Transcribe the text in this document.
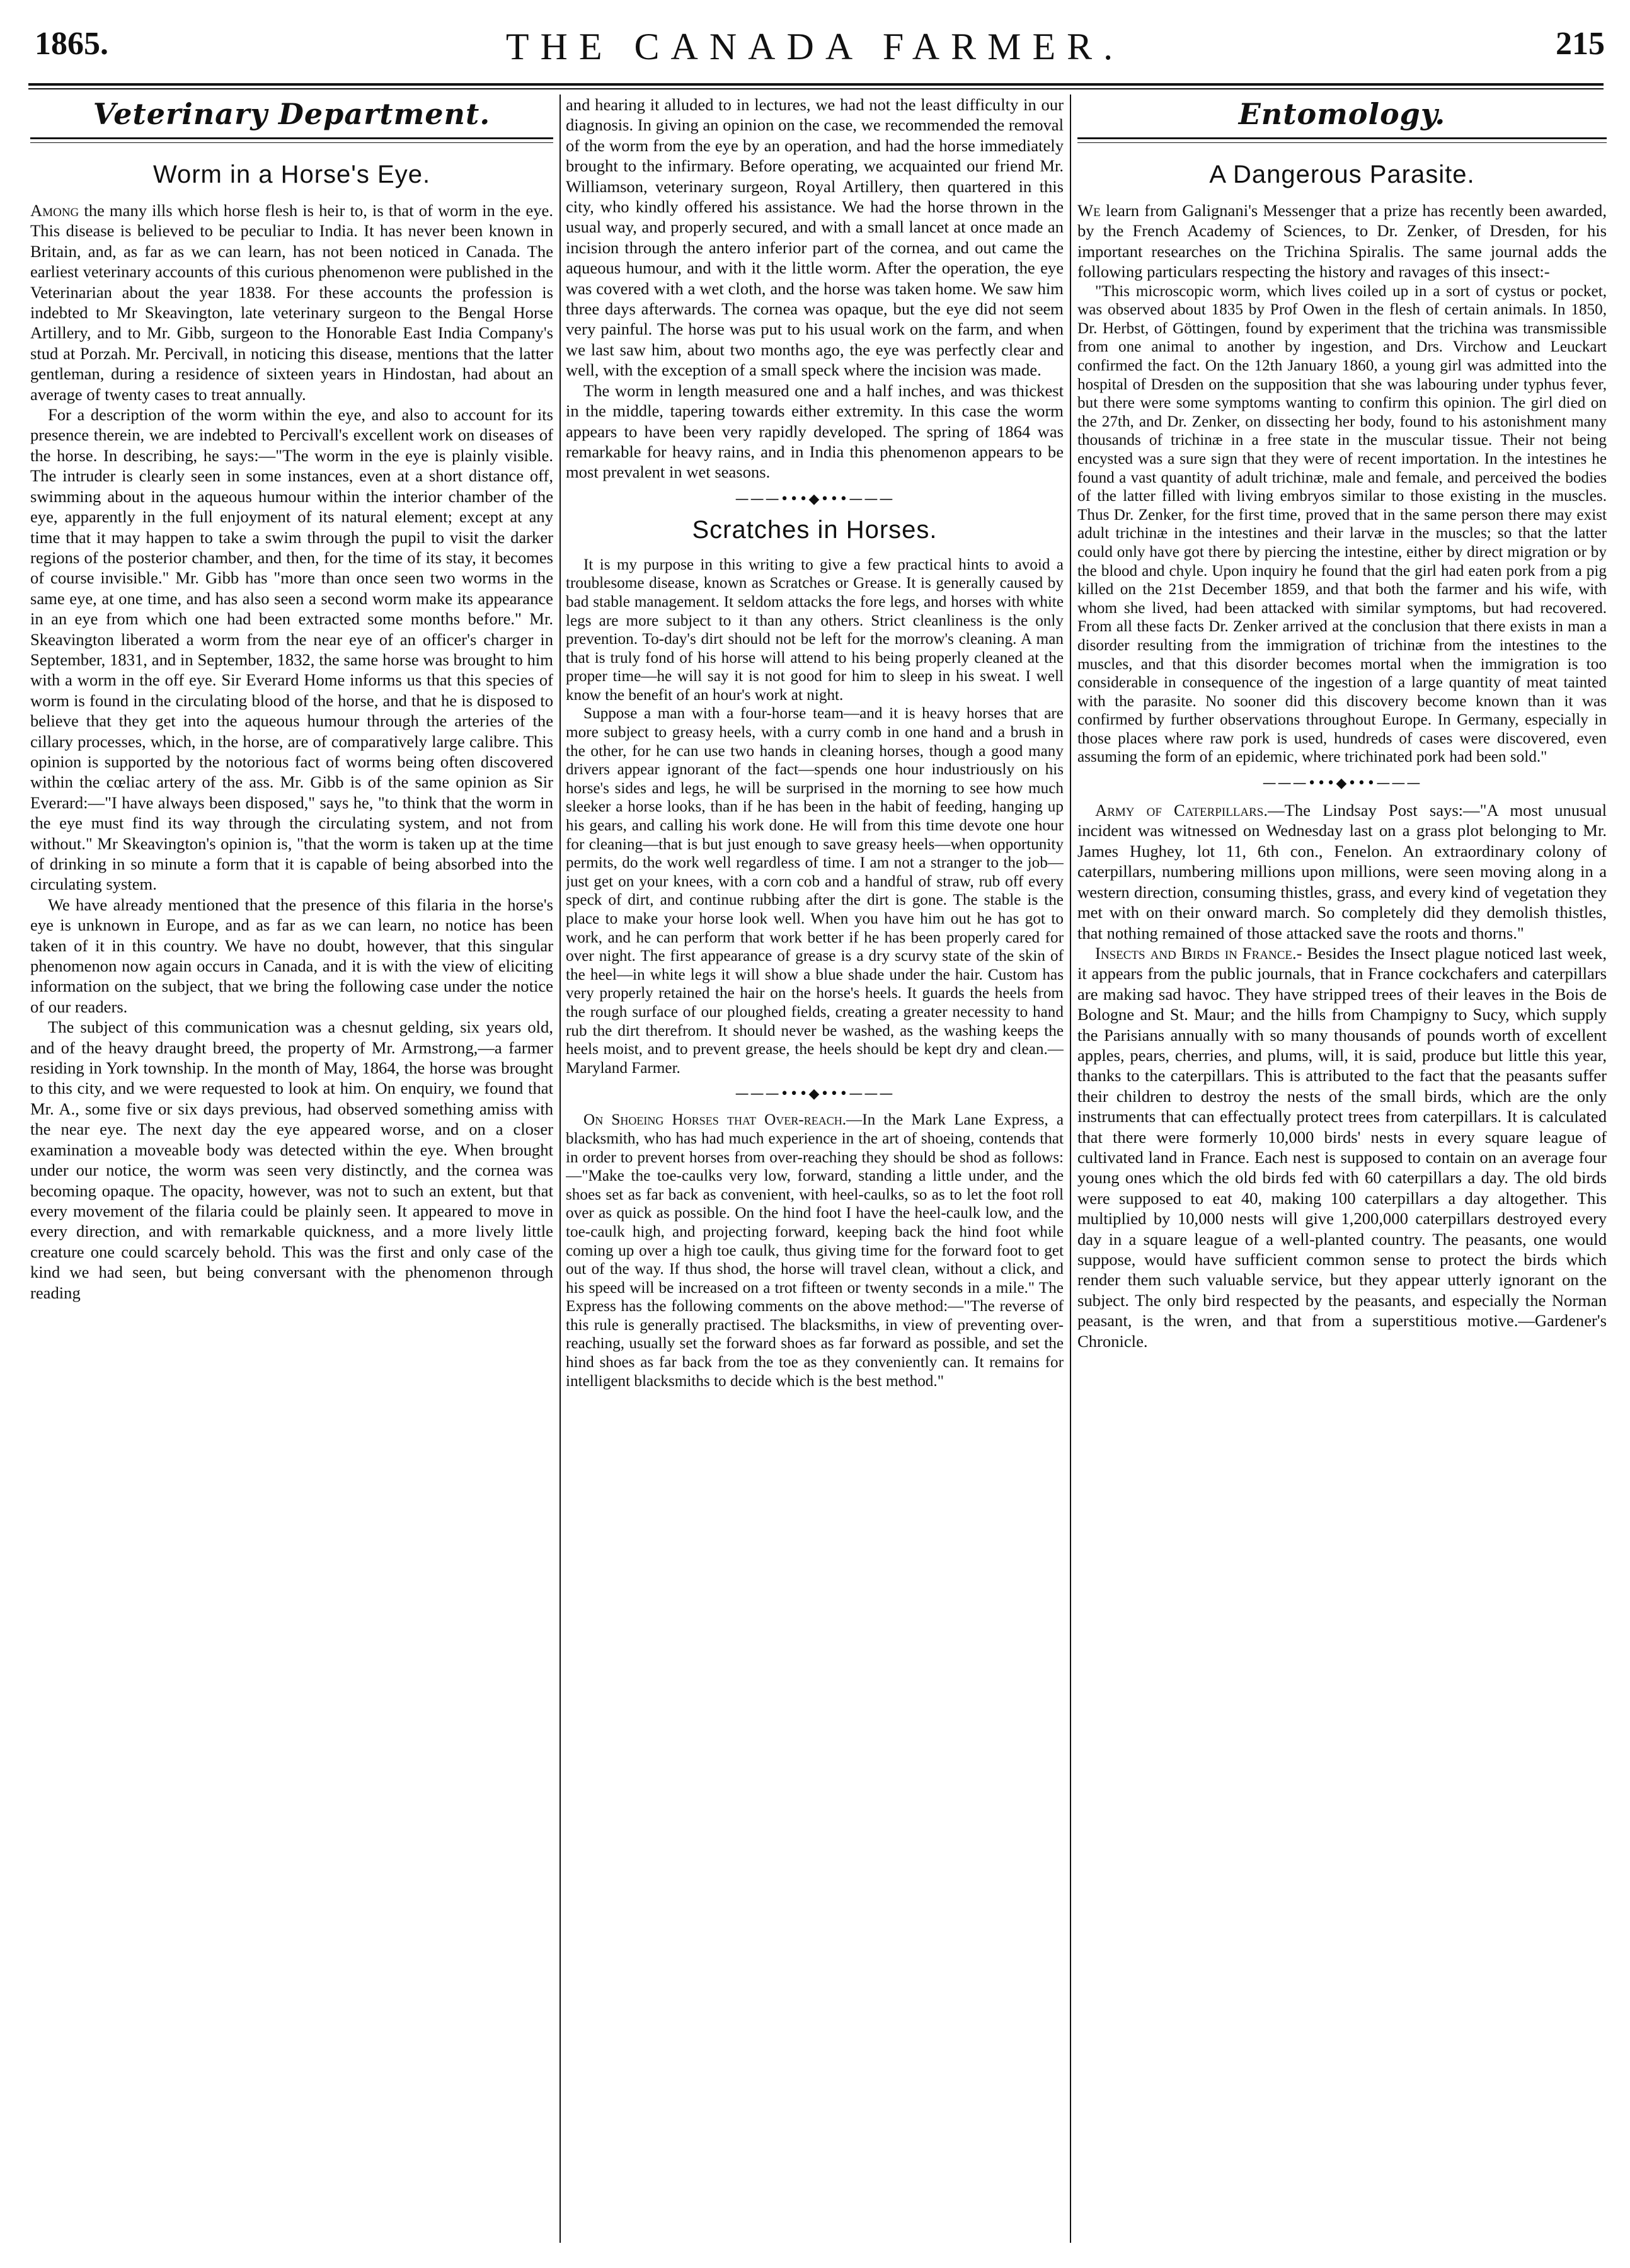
1865.	THE CANADA FARMER.	215
Veterinary Department.
Worm in a Horse's Eye.

Among the many ills which horse flesh is heir to, is that of worm in the eye. This disease is believed to be peculiar to India. It has never been known in Britain, and, as far as we can learn, has not been noticed in Canada. The earliest veterinary accounts of this curious phenomenon were published in the Veterinarian about the year 1838. For these accounts the profession is indebted to Mr Skeavington, late veterinary surgeon to the Bengal Horse Artillery, and to Mr. Gibb, surgeon to the Honorable East India Company's stud at Porzah. Mr. Percivall, in noticing this disease, mentions that the latter gentleman, during a residence of sixteen years in Hindostan, had about an average of twenty cases to treat annually.

For a description of the worm within the eye, and also to account for its presence therein, we are indebted to Percivall's excellent work on diseases of the horse. In describing, he says:—"The worm in the eye is plainly visible. The intruder is clearly seen in some instances, even at a short distance off, swimming about in the aqueous humour within the interior chamber of the eye, apparently in the full enjoyment of its natural element; except at any time that it may happen to take a swim through the pupil to visit the darker regions of the posterior chamber, and then, for the time of its stay, it becomes of course invisible." Mr. Gibb has "more than once seen two worms in the same eye, at one time, and has also seen a second worm make its appearance in an eye from which one had been extracted some months before." Mr. Skeavington liberated a worm from the near eye of an officer's charger in September, 1831, and in September, 1832, the same horse was brought to him with a worm in the off eye. Sir Everard Home informs us that this species of worm is found in the circulating blood of the horse, and that he is disposed to believe that they get into the aqueous humour through the arteries of the cillary processes, which, in the horse, are of comparatively large calibre. This opinion is supported by the notorious fact of worms being often discovered within the cœliac artery of the ass. Mr. Gibb is of the same opinion as Sir Everard:—"I have always been disposed," says he, "to think that the worm in the eye must find its way through the circulating system, and not from without." Mr Skeavington's opinion is, "that the worm is taken up at the time of drinking in so minute a form that it is capable of being absorbed into the circulating system.

We have already mentioned that the presence of this filaria in the horse's eye is unknown in Europe, and as far as we can learn, no notice has been taken of it in this country. We have no doubt, however, that this singular phenomenon now again occurs in Canada, and it is with the view of eliciting information on the subject, that we bring the following case under the notice of our readers.

The subject of this communication was a chesnut gelding, six years old, and of the heavy draught breed, the property of Mr. Armstrong,—a farmer residing in York township. In the month of May, 1864, the horse was brought to this city, and we were requested to look at him. On enquiry, we found that Mr. A., some five or six days previous, had observed something amiss with the near eye. The next day the eye appeared worse, and on a closer examination a moveable body was detected within the eye. When brought under our notice, the worm was seen very distinctly, and the cornea was becoming opaque. The opacity, however, was not to such an extent, but that every movement of the filaria could be plainly seen. It appeared to move in every direction, and with remarkable quickness, and a more lively little creature one could scarcely behold. This was the first and only case of the kind we had seen, but being conversant with the phenomenon through reading

and hearing it alluded to in lectures, we had not the least difficulty in our diagnosis. In giving an opinion on the case, we recommended the removal of the worm from the eye by an operation, and had the horse immediately brought to the infirmary. Before operating, we acquainted our friend Mr. Williamson, veterinary surgeon, Royal Artillery, then quartered in this city, who kindly offered his assistance. We had the horse thrown in the usual way, and properly secured, and with a small lancet at once made an incision through the antero inferior part of the cornea, and out came the aqueous humour, and with it the little worm. After the operation, the eye was covered with a wet cloth, and the horse was taken home. We saw him three days afterwards. The cornea was opaque, but the eye did not seem very painful. The horse was put to his usual work on the farm, and when we last saw him, about two months ago, the eye was perfectly clear and well, with the exception of a small speck where the incision was made.

The worm in length measured one and a half inches, and was thickest in the middle, tapering towards either extremity. In this case the worm appears to have been very rapidly developed. The spring of 1864 was remarkable for heavy rains, and in India this phenomenon appears to be most prevalent in wet seasons.

———•••◆•••———
Scratches in Horses.

It is my purpose in this writing to give a few practical hints to avoid a troublesome disease, known as Scratches or Grease. It is generally caused by bad stable management. It seldom attacks the fore legs, and horses with white legs are more subject to it than any others. Strict cleanliness is the only prevention. To-day's dirt should not be left for the morrow's cleaning. A man that is truly fond of his horse will attend to his being properly cleaned at the proper time—he will say it is not good for him to sleep in his sweat. I well know the benefit of an hour's work at night.

Suppose a man with a four-horse team—and it is heavy horses that are more subject to greasy heels, with a curry comb in one hand and a brush in the other, for he can use two hands in cleaning horses, though a good many drivers appear ignorant of the fact—spends one hour industriously on his horse's sides and legs, he will be surprised in the morning to see how much sleeker a horse looks, than if he has been in the habit of feeding, hanging up his gears, and calling his work done. He will from this time devote one hour for cleaning—that is but just enough to save greasy heels—when opportunity permits, do the work well regardless of time. I am not a stranger to the job—just get on your knees, with a corn cob and a handful of straw, rub off every speck of dirt, and continue rubbing after the dirt is gone. The stable is the place to make your horse look well. When you have him out he has got to work, and he can perform that work better if he has been properly cared for over night. The first appearance of grease is a dry scurvy state of the skin of the heel—in white legs it will show a blue shade under the hair. Custom has very properly retained the hair on the horse's heels. It guards the heels from the rough surface of our ploughed fields, creating a greater necessity to hand rub the dirt therefrom. It should never be washed, as the washing keeps the heels moist, and to prevent grease, the heels should be kept dry and clean.—Maryland Farmer.

———•••◆•••———

On Shoeing Horses that Over-reach.—In the Mark Lane Express, a blacksmith, who has had much experience in the art of shoeing, contends that in order to prevent horses from over-reaching they should be shod as follows:—"Make the toe-caulks very low, forward, standing a little under, and the shoes set as far back as convenient, with heel-caulks, so as to let the foot roll over as quick as possible. On the hind foot I have the heel-caulk low, and the toe-caulk high, and projecting forward, keeping back the hind foot while coming up over a high toe caulk, thus giving time for the forward foot to get out of the way. If thus shod, the horse will travel clean, without a click, and his speed will be increased on a trot fifteen or twenty seconds in a mile." The Express has the following comments on the above method:—"The reverse of this rule is generally practised. The blacksmiths, in view of preventing over-reaching, usually set the forward shoes as far forward as possible, and set the hind shoes as far back from the toe as they conveniently can. It remains for intelligent blacksmiths to decide which is the best method."

Entomology.
A Dangerous Parasite.

We learn from Galignani's Messenger that a prize has recently been awarded, by the French Academy of Sciences, to Dr. Zenker, of Dresden, for his important researches on the Trichina Spiralis. The same journal adds the following particulars respecting the history and ravages of this insect:-

"This microscopic worm, which lives coiled up in a sort of cystus or pocket, was observed about 1835 by Prof Owen in the flesh of certain animals. In 1850, Dr. Herbst, of Göttingen, found by experiment that the trichina was transmissible from one animal to another by ingestion, and Drs. Virchow and Leuckart confirmed the fact. On the 12th January 1860, a young girl was admitted into the hospital of Dresden on the supposition that she was labouring under typhus fever, but there were some symptoms wanting to confirm this opinion. The girl died on the 27th, and Dr. Zenker, on dissecting her body, found to his astonishment many thousands of trichinæ in a free state in the muscular tissue. Their not being encysted was a sure sign that they were of recent importation. In the intestines he found a vast quantity of adult trichinæ, male and female, and perceived the bodies of the latter filled with living embryos similar to those existing in the muscles. Thus Dr. Zenker, for the first time, proved that in the same person there may exist adult trichinæ in the intestines and their larvæ in the muscles; so that the latter could only have got there by piercing the intestine, either by direct migration or by the blood and chyle. Upon inquiry he found that the girl had eaten pork from a pig killed on the 21st December 1859, and that both the farmer and his wife, with whom she lived, had been attacked with similar symptoms, but had recovered. From all these facts Dr. Zenker arrived at the conclusion that there exists in man a disorder resulting from the immigration of trichinæ from the intestines to the muscles, and that this disorder becomes mortal when the immigration is too considerable in consequence of the ingestion of a large quantity of meat tainted with the parasite. No sooner did this discovery become known than it was confirmed by further observations throughout Europe. In Germany, especially in those places where raw pork is used, hundreds of cases were discovered, even assuming the form of an epidemic, where trichinated pork had been sold."

———•••◆•••———

Army of Caterpillars.—The Lindsay Post says:—"A most unusual incident was witnessed on Wednesday last on a grass plot belonging to Mr. James Hughey, lot 11, 6th con., Fenelon. An extraordinary colony of caterpillars, numbering millions upon millions, were seen moving along in a western direction, consuming thistles, grass, and every kind of vegetation they met with on their onward march. So completely did they demolish thistles, that nothing remained of those attacked save the roots and thorns."

Insects and Birds in France.- Besides the Insect plague noticed last week, it appears from the public journals, that in France cockchafers and caterpillars are making sad havoc. They have stripped trees of their leaves in the Bois de Bologne and St. Maur; and the hills from Champigny to Sucy, which supply the Parisians annually with so many thousands of pounds worth of excellent apples, pears, cherries, and plums, will, it is said, produce but little this year, thanks to the caterpillars. This is attributed to the fact that the peasants suffer their children to destroy the nests of the small birds, which are the only instruments that can effectually protect trees from caterpillars. It is calculated that there were formerly 10,000 birds' nests in every square league of cultivated land in France. Each nest is supposed to contain on an average four young ones which the old birds fed with 60 caterpillars a day. The old birds were supposed to eat 40, making 100 caterpillars a day altogether. This multiplied by 10,000 nests will give 1,200,000 caterpillars destroyed every day in a square league of a well-planted country. The peasants, one would suppose, would have sufficient common sense to protect the birds which render them such valuable service, but they appear utterly ignorant on the subject. The only bird respected by the peasants, and especially the Norman peasant, is the wren, and that from a superstitious motive.—Gardener's Chronicle.
